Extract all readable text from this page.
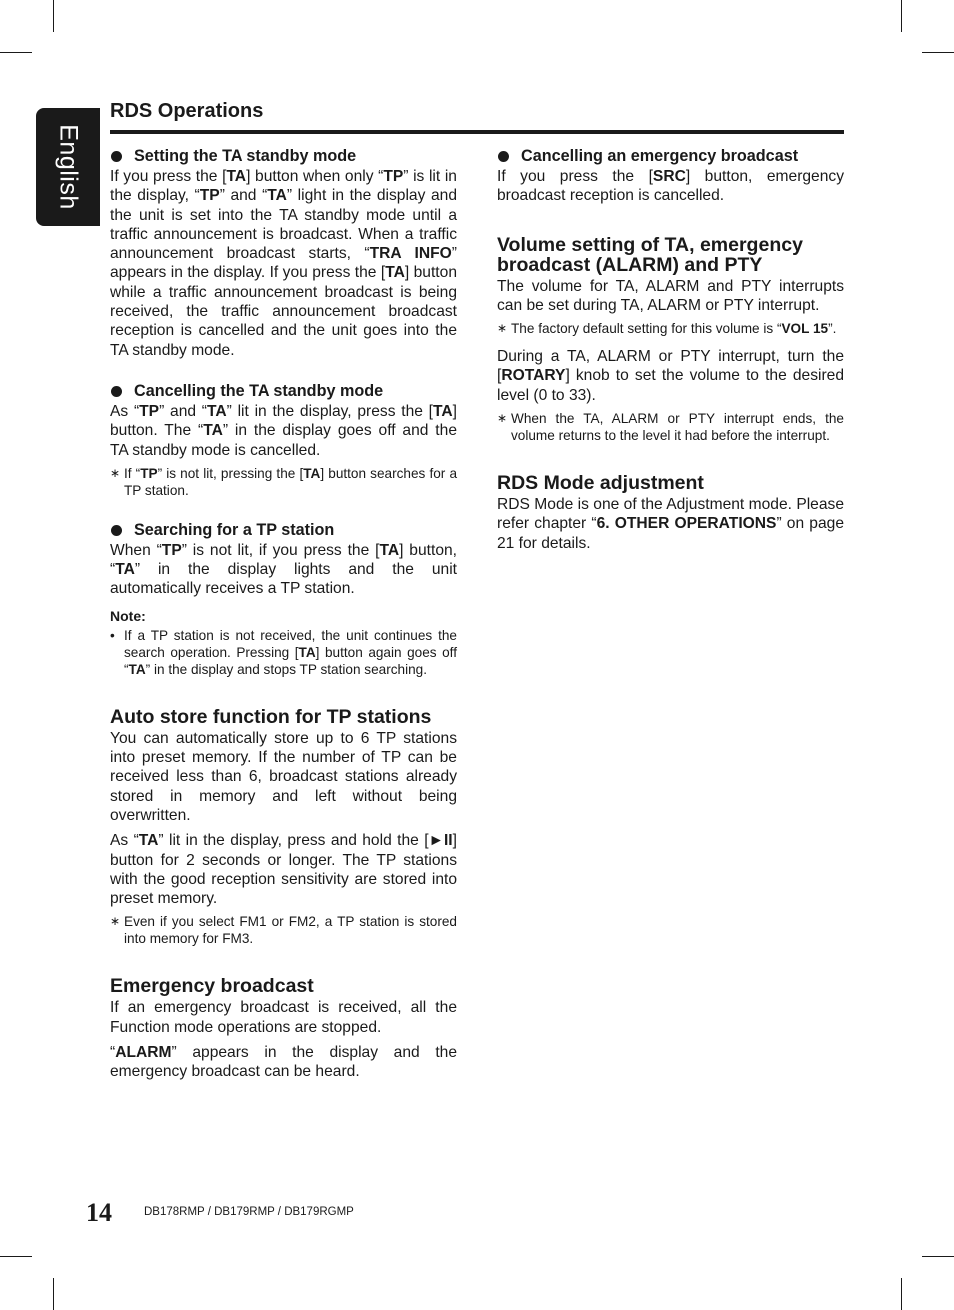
English
RDS Operations
Setting the TA standby mode

If you press the [TA] button when only “TP” is lit in the display, “TP” and “TA” light in the display and the unit is set into the TA standby mode until a traffic announcement is broadcast. When a traffic announcement broadcast starts, “TRA INFO” appears in the display. If you press the [TA] button while a traffic announcement broadcast is being received, the traffic announcement broadcast reception is cancelled and the unit goes into the TA standby mode.

Cancelling the TA standby mode

As “TP” and “TA” lit in the display, press the [TA] button. The “TA” in the display goes off and the TA standby mode is cancelled.

∗ If “TP” is not lit, pressing the [TA] button searches for a TP station.
Searching for a TP station

When “TP” is not lit, if you press the [TA] button, “TA” in the display lights and the unit automatically receives a TP station.

Note:
• If a TP station is not received, the unit continues the search operation. Pressing [TA] button again goes off “TA” in the display and stops TP station searching.
Auto store function for TP stations

You can automatically store up to 6 TP stations into preset memory. If the number of TP can be received less than 6, broadcast stations already stored in memory and left without being overwritten.

As “TA” lit in the display, press and hold the [►II] button for 2 seconds or longer. The TP stations with the good reception sensitivity are stored into preset memory.

∗ Even if you select FM1 or FM2, a TP station is stored into memory for FM3.
Emergency broadcast

If an emergency broadcast is received, all the Function mode operations are stopped.

“ALARM” appears in the display and the emergency broadcast can be heard.

Cancelling an emergency broadcast

If you press the [SRC] button, emergency broadcast reception is cancelled.

Volume setting of TA, emergency broadcast (ALARM) and PTY

The volume for TA, ALARM and PTY interrupts can be set during TA, ALARM or PTY interrupt.

∗ The factory default setting for this volume is “VOL 15”.

During a TA, ALARM or PTY interrupt, turn the [ROTARY] knob to set the volume to the desired level (0 to 33).

∗ When the TA, ALARM or PTY interrupt ends, the volume returns to the level it had before the interrupt.
RDS Mode adjustment

RDS Mode is one of the Adjustment mode. Please refer chapter “6. OTHER OPERATIONS” on page 21 for details.

14	DB178RMP / DB179RMP / DB179RGMP
